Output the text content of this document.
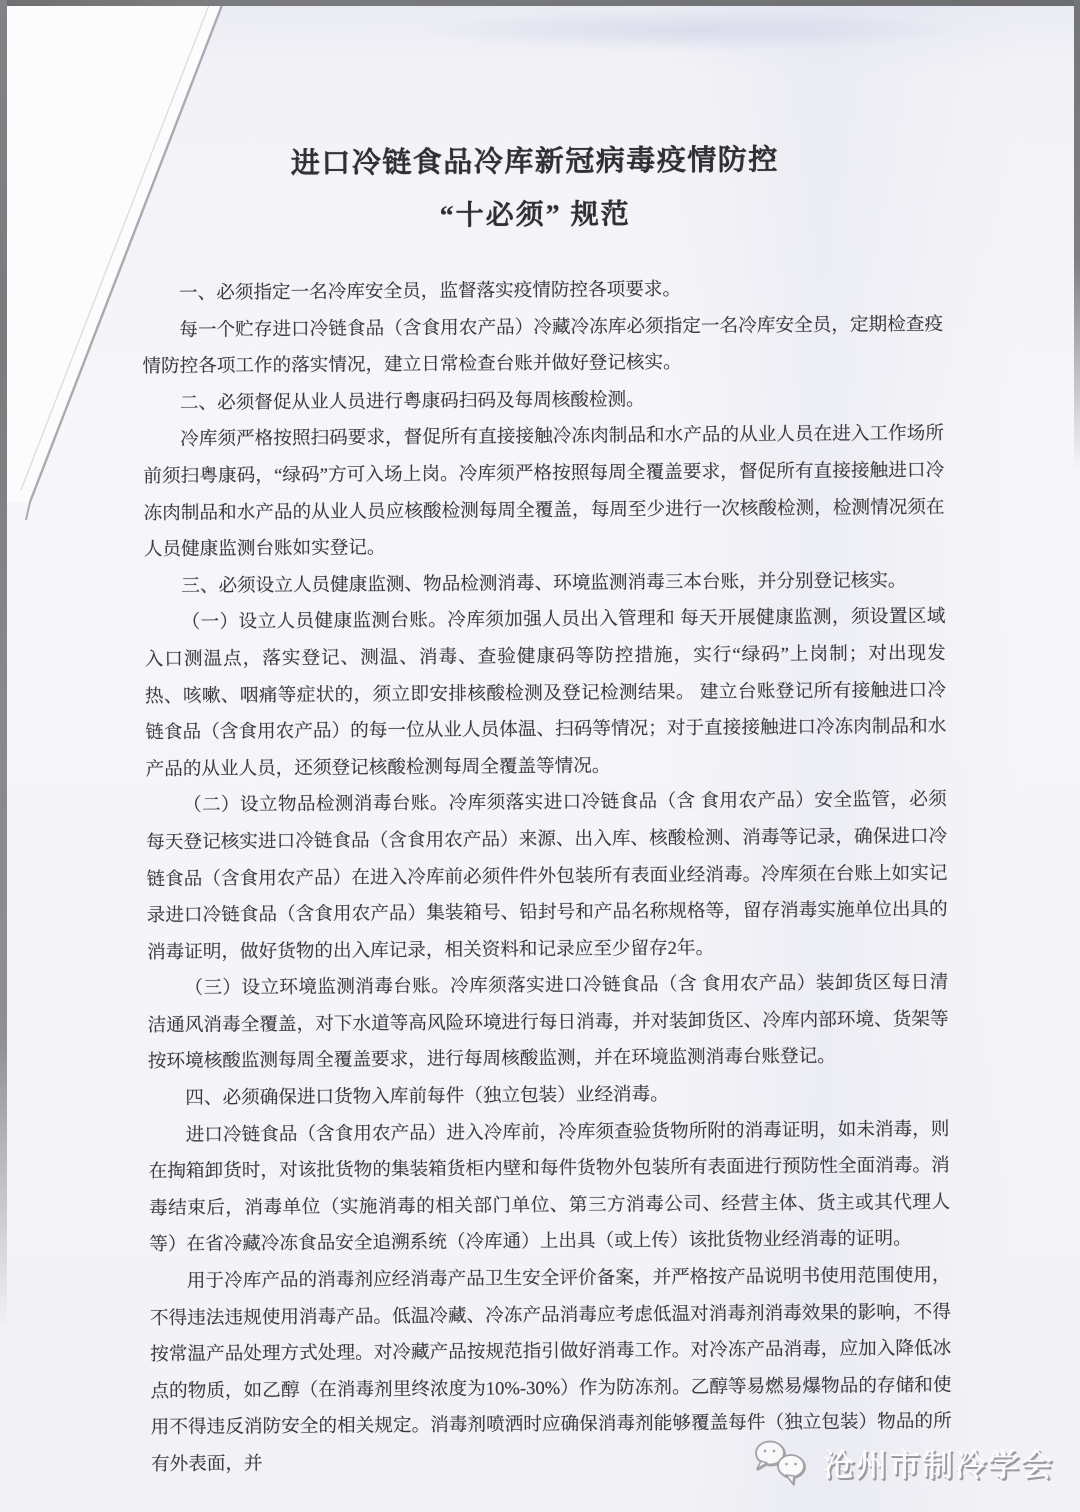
进口冷链食品冷库新冠病毒疫情防控
“十必须” 规范

一、必须指定一名冷库安全员，监督落实疫情防控各项要求。

每一个贮存进口冷链食品（含食用农产品）冷藏冷冻库必须指定一名冷库安全员，定期检查疫情防控各项工作的落实情况，建立日常检查台账并做好登记核实。

二、必须督促从业人员进行粤康码扫码及每周核酸检测。

冷库须严格按照扫码要求，督促所有直接接触冷冻肉制品和水产品的从业人员在进入工作场所前须扫粤康码，“绿码”方可入场上岗。冷库须严格按照每周全覆盖要求，督促所有直接接触进口冷冻肉制品和水产品的从业人员应核酸检测每周全覆盖，每周至少进行一次核酸检测，检测情况须在人员健康监测台账如实登记。

三、必须设立人员健康监测、物品检测消毒、环境监测消毒三本台账，并分别登记核实。

（一）设立人员健康监测台账。冷库须加强人员出入管理和 每天开展健康监测，须设置区域入口测温点，落实登记、测温、消毒、查验健康码等防控措施，实行“绿码”上岗制；对出现发 热、咳嗽、咽痛等症状的，须立即安排核酸检测及登记检测结果。 建立台账登记所有接触进口冷链食品（含食用农产品）的每一位从业人员体温、扫码等情况；对于直接接触进口冷冻肉制品和水产品的从业人员，还须登记核酸检测每周全覆盖等情况。

（二）设立物品检测消毒台账。冷库须落实进口冷链食品（含 食用农产品）安全监管，必须每天登记核实进口冷链食品（含食用农产品）来源、出入库、核酸检测、消毒等记录，确保进口冷链食品（含食用农产品）在进入冷库前必须件件外包装所有表面业经消毒。冷库须在台账上如实记录进口冷链食品（含食用农产品）集装箱号、铅封号和产品名称规格等，留存消毒实施单位出具的消毒证明，做好货物的出入库记录，相关资料和记录应至少留存2年。

（三）设立环境监测消毒台账。冷库须落实进口冷链食品（含 食用农产品）装卸货区每日清洁通风消毒全覆盖，对下水道等高风险环境进行每日消毒，并对装卸货区、冷库内部环境、货架等按环境核酸监测每周全覆盖要求，进行每周核酸监测，并在环境监测消毒台账登记。

四、必须确保进口货物入库前每件（独立包装）业经消毒。

进口冷链食品（含食用农产品）进入冷库前，冷库须查验货物所附的消毒证明，如未消毒，则在掏箱卸货时，对该批货物的集装箱货柜内壁和每件货物外包装所有表面进行预防性全面消毒。消毒结束后，消毒单位（实施消毒的相关部门单位、第三方消毒公司、经营主体、货主或其代理人等）在省冷藏冷冻食品安全追溯系统（冷库通）上出具（或上传）该批货物业经消毒的证明。

用于冷库产品的消毒剂应经消毒产品卫生安全评价备案，并严格按产品说明书使用范围使用，不得违法违规使用消毒产品。低温冷藏、冷冻产品消毒应考虑低温对消毒剂消毒效果的影响，不得按常温产品处理方式处理。对冷藏产品按规范指引做好消毒工作。对冷冻产品消毒，应加入降低冰点的物质，如乙醇（在消毒剂里终浓度为10%-30%）作为防冻剂。乙醇等易燃易爆物品的存储和使用不得违反消防安全的相关规定。消毒剂喷洒时应确保消毒剂能够覆盖每件（独立包装）物品的所有外表面，并	沧州市制冷学会
